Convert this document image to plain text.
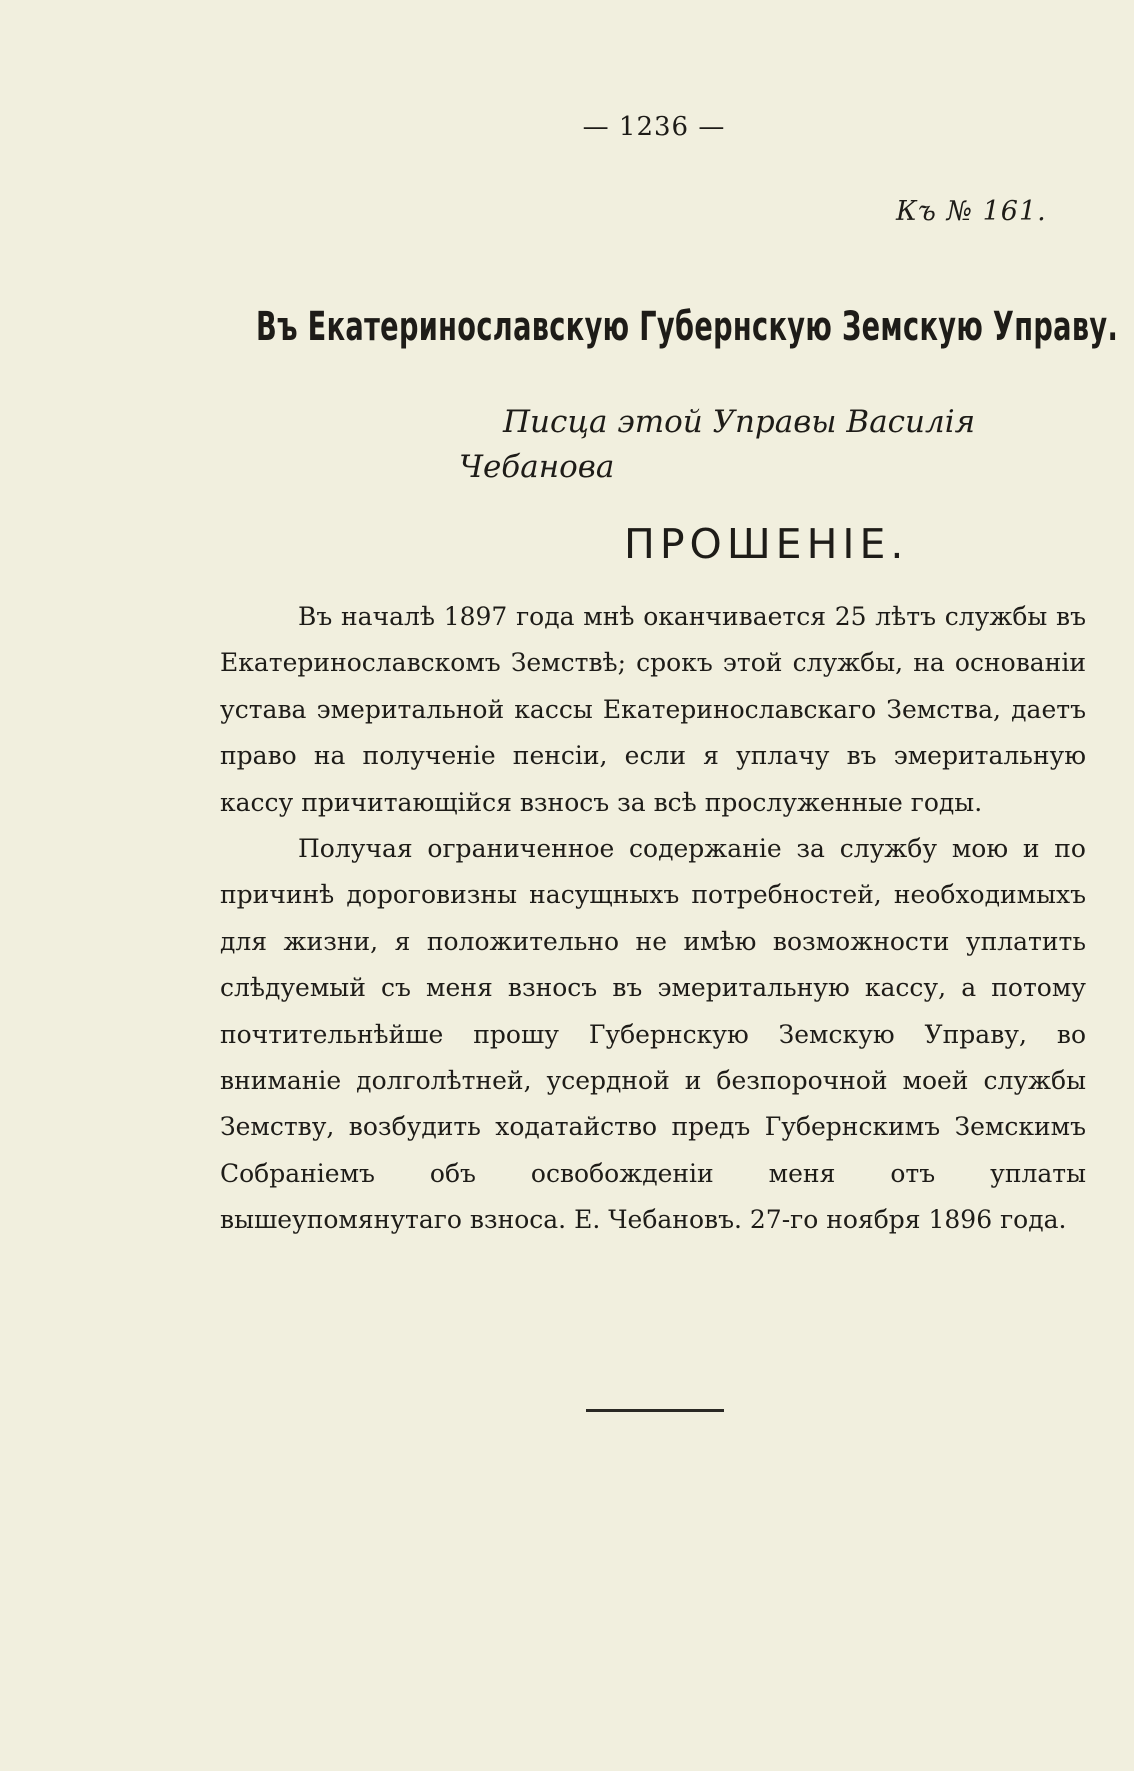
— 1236 —
Къ № 161.
Въ Екатеринославскую Губернскую Земскую Управу.
Писца этой Управы Василія Чебанова
ПРОШЕНІЕ.

Въ началѣ 1897 года мнѣ оканчивается 25 лѣтъ службы въ Екатеринославскомъ Земствѣ; срокъ этой службы, на основаніи устава эмеритальной кассы Екатеринославскаго Земства, даетъ право на полученіе пенсіи, если я уплачу въ эмеритальную кассу причитающійся взносъ за всѣ прослуженные годы.

Получая ограниченное содержаніе за службу мою и по причинѣ дороговизны насущныхъ потребностей, необходимыхъ для жизни, я положительно не имѣю возможности уплатить слѣдуемый съ меня взносъ въ эмеритальную кассу, а потому почтительнѣйше прошу Губернскую Земскую Управу, во вниманіе долголѣтней, усердной и безпорочной моей службы Земству, возбудить ходатайство предъ Губернскимъ Земскимъ Собраніемъ объ освобожденіи меня отъ уплаты вышеупомянутаго взноса. Е. Чебановъ. 27-го ноября 1896 года.
